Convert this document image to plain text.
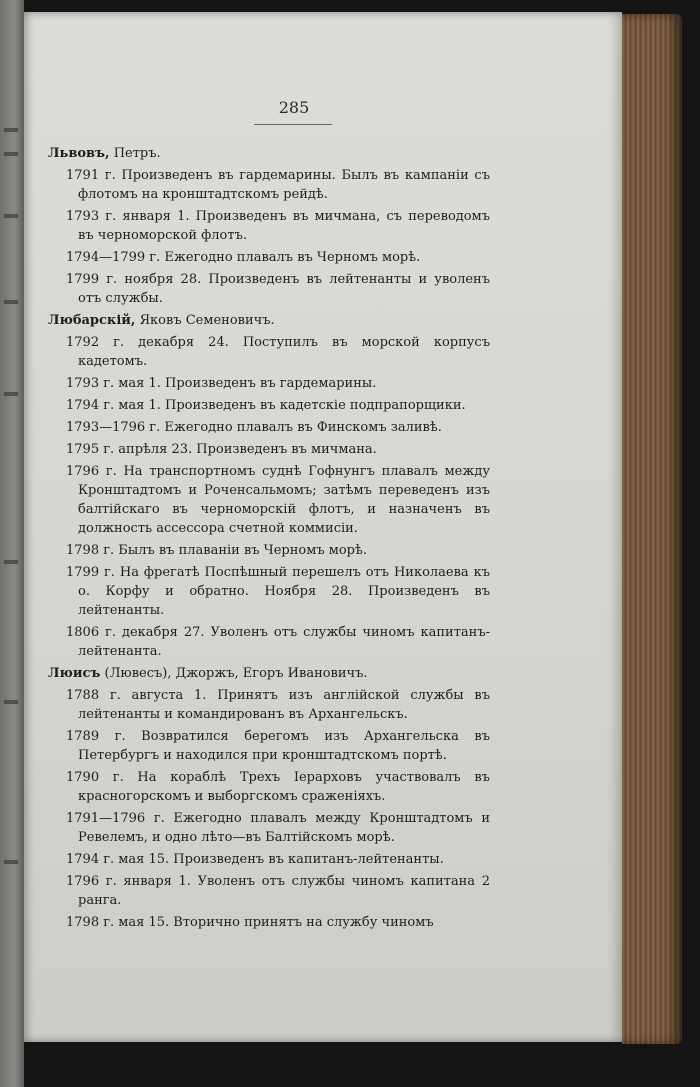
285
Львовъ, Петръ.
1791 г. Произведенъ въ гардемарины. Былъ въ кампаніи съ флотомъ на кронштадтскомъ рейдѣ.
1793 г. января 1. Произведенъ въ мичмана, съ переводомъ въ черноморской флотъ.
1794—1799 г. Ежегодно плавалъ въ Черномъ морѣ.
1799 г. ноября 28. Произведенъ въ лейтенанты и уволенъ отъ службы.
Любарскій, Яковъ Семеновичъ.
1792 г. декабря 24. Поступилъ въ морской корпусъ кадетомъ.
1793 г. мая 1. Произведенъ въ гардемарины.
1794 г. мая 1. Произведенъ въ кадетскіе подпрапорщики.
1793—1796 г. Ежегодно плавалъ въ Финскомъ заливѣ.
1795 г. апрѣля 23. Произведенъ въ мичмана.
1796 г. На транспортномъ суднѣ Гофнунгъ плавалъ между Кронштадтомъ и Роченсальмомъ; затѣмъ переведенъ изъ балтійскаго въ черноморскій флотъ, и назначенъ въ должность ассессора счетной коммисіи.
1798 г. Былъ въ плаваніи въ Черномъ морѣ.
1799 г. На фрегатѣ Поспѣшный перешелъ отъ Николаева къ о. Корфу и обратно. Ноября 28. Произведенъ въ лейтенанты.
1806 г. декабря 27. Уволенъ отъ службы чиномъ капитанъ-лейтенанта.
Люисъ (Лювесъ), Джоржъ, Егоръ Ивановичъ.
1788 г. августа 1. Принятъ изъ англійской службы въ лейтенанты и командированъ въ Архангельскъ.
1789 г. Возвратился берегомъ изъ Архангельска въ Петербургъ и находился при кронштадтскомъ портѣ.
1790 г. На кораблѣ Трехъ Іерарховъ участвовалъ въ красногорскомъ и выборгскомъ сраженіяхъ.
1791—1796 г. Ежегодно плавалъ между Кронштадтомъ и Ревелемъ, и одно лѣто—въ Балтійскомъ морѣ.
1794 г. мая 15. Произведенъ въ капитанъ-лейтенанты.
1796 г. января 1. Уволенъ отъ службы чиномъ капитана 2 ранга.
1798 г. мая 15. Вторично принятъ на службу чиномъ
